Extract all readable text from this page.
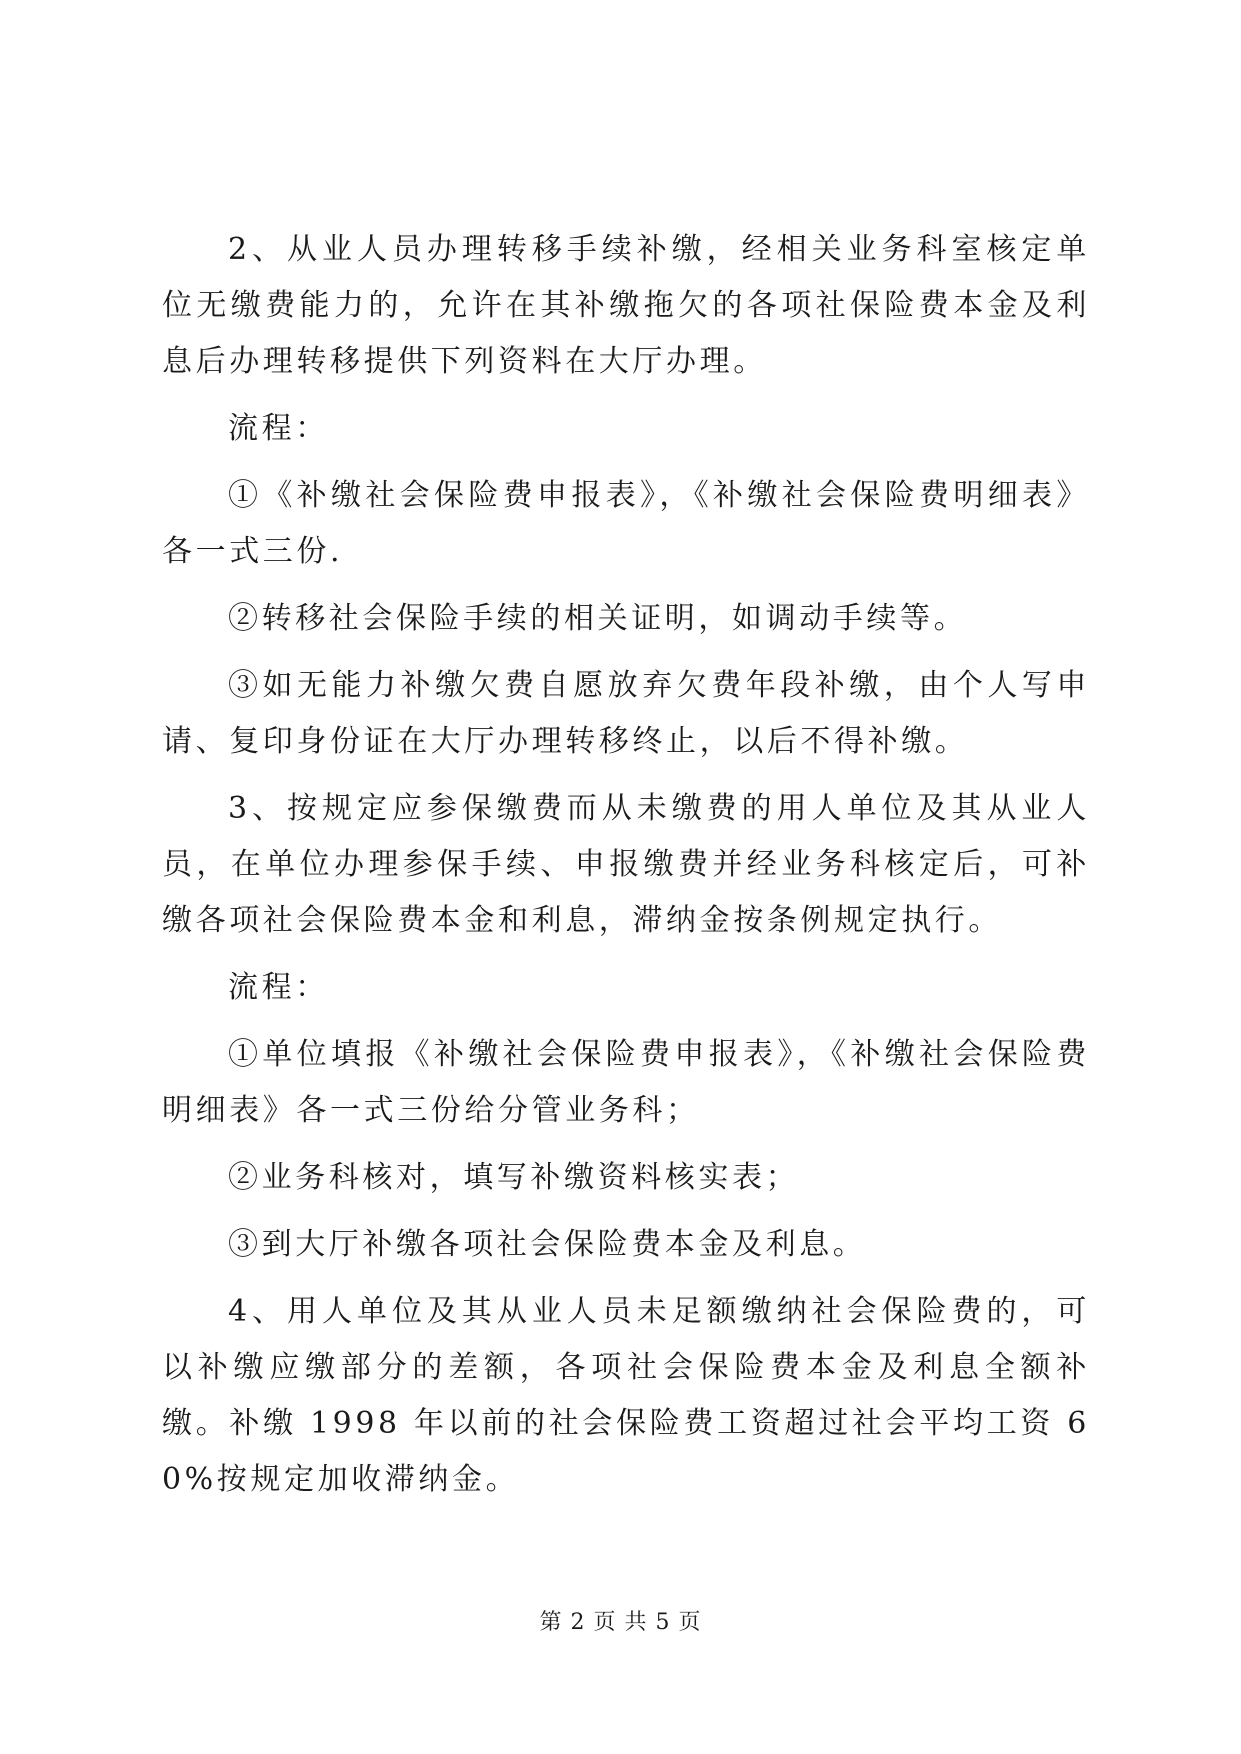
2、从业人员办理转移手续补缴，经相关业务科室核定单位无缴费能力的，允许在其补缴拖欠的各项社保险费本金及利息后办理转移提供下列资料在大厅办理。

流程：

①《补缴社会保险费申报表》，《补缴社会保险费明细表》各一式三份.

②转移社会保险手续的相关证明，如调动手续等。

③如无能力补缴欠费自愿放弃欠费年段补缴，由个人写申请、复印身份证在大厅办理转移终止，以后不得补缴。

3、按规定应参保缴费而从未缴费的用人单位及其从业人员，在单位办理参保手续、申报缴费并经业务科核定后，可补缴各项社会保险费本金和利息，滞纳金按条例规定执行。

流程：

①单位填报《补缴社会保险费申报表》，《补缴社会保险费明细表》各一式三份给分管业务科；

②业务科核对，填写补缴资料核实表；

③到大厅补缴各项社会保险费本金及利息。

4、用人单位及其从业人员未足额缴纳社会保险费的，可以补缴应缴部分的差额，各项社会保险费本金及利息全额补缴。补缴 1998 年以前的社会保险费工资超过社会平均工资 60%按规定加收滞纳金。

第 2 页 共 5 页
